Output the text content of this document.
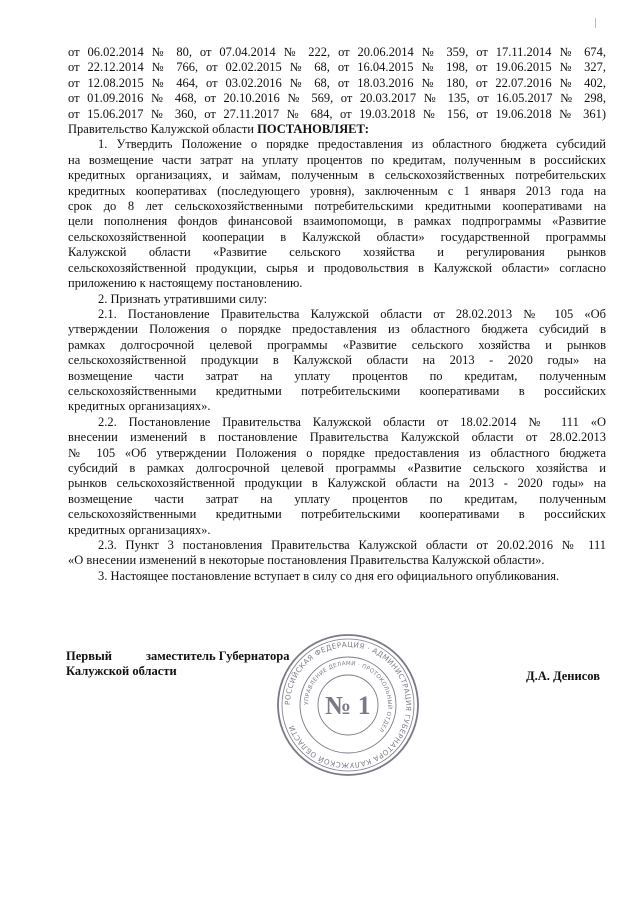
от 06.02.2014 № 80, от 07.04.2014 № 222, от 20.06.2014 № 359, от 17.11.2014 № 674,
от 22.12.2014 № 766, от 02.02.2015 № 68, от 16.04.2015 № 198, от 19.06.2015 № 327,
от 12.08.2015 № 464, от 03.02.2016 № 68, от 18.03.2016 № 180, от 22.07.2016 № 402,
от 01.09.2016 № 468, от 20.10.2016 № 569, от 20.03.2017 № 135, от 16.05.2017 № 298,
от 15.06.2017 № 360, от 27.11.2017 № 684, от 19.03.2018 № 156, от 19.06.2018 № 361)
Правительство Калужской области ПОСТАНОВЛЯЕТ:
1. Утвердить Положение о порядке предоставления из областного бюджета субсидий
на возмещение части затрат на уплату процентов по кредитам, полученным в российских
кредитных организациях, и займам, полученным в сельскохозяйственных потребительских
кредитных кооперативах (последующего уровня), заключенным с 1 января 2013 года на
срок до 8 лет сельскохозяйственными потребительскими кредитными кооперативами на
цели пополнения фондов финансовой взаимопомощи, в рамках подпрограммы «Развитие
сельскохозяйственной кооперации в Калужской области» государственной программы
Калужской области «Развитие сельского хозяйства и регулирования рынков
сельскохозяйственной продукции, сырья и продовольствия в Калужской области» согласно
приложению к настоящему постановлению.
2. Признать утратившими силу:
2.1. Постановление Правительства Калужской области от 28.02.2013 № 105 «Об
утверждении Положения о порядке предоставления из областного бюджета субсидий в
рамках долгосрочной целевой программы «Развитие сельского хозяйства и рынков
сельскохозяйственной продукции в Калужской области на 2013 - 2020 годы» на
возмещение части затрат на уплату процентов по кредитам, полученным
сельскохозяйственными кредитными потребительскими кооперативами в российских
кредитных организациях».
2.2. Постановление Правительства Калужской области от 18.02.2014 № 111 «О
внесении изменений в постановление Правительства Калужской области от 28.02.2013
№ 105 «Об утверждении Положения о порядке предоставления из областного бюджета
субсидий в рамках долгосрочной целевой программы «Развитие сельского хозяйства и
рынков сельскохозяйственной продукции в Калужской области на 2013 - 2020 годы» на
возмещение части затрат на уплату процентов по кредитам, полученным
сельскохозяйственными кредитными потребительскими кооперативами в российских
кредитных организациях».
2.3. Пункт 3 постановления Правительства Калужской области от 20.02.2016 № 111
«О внесении изменений в некоторые постановления Правительства Калужской области».
3. Настоящее постановление вступает в силу со дня его официального опубликования.
Первый	заместитель Губернатора
Калужской области	Д.А. Денисов
РОССИЙСКАЯ ФЕДЕРАЦИЯ · АДМИНИСТРАЦИЯ ГУБЕРНАТОРА КАЛУЖСКОЙ ОБЛАСТИ
УПРАВЛЕНИЕ ДЕЛАМИ · ПРОТОКОЛЬНЫЙ ОТДЕЛ
№ 1
